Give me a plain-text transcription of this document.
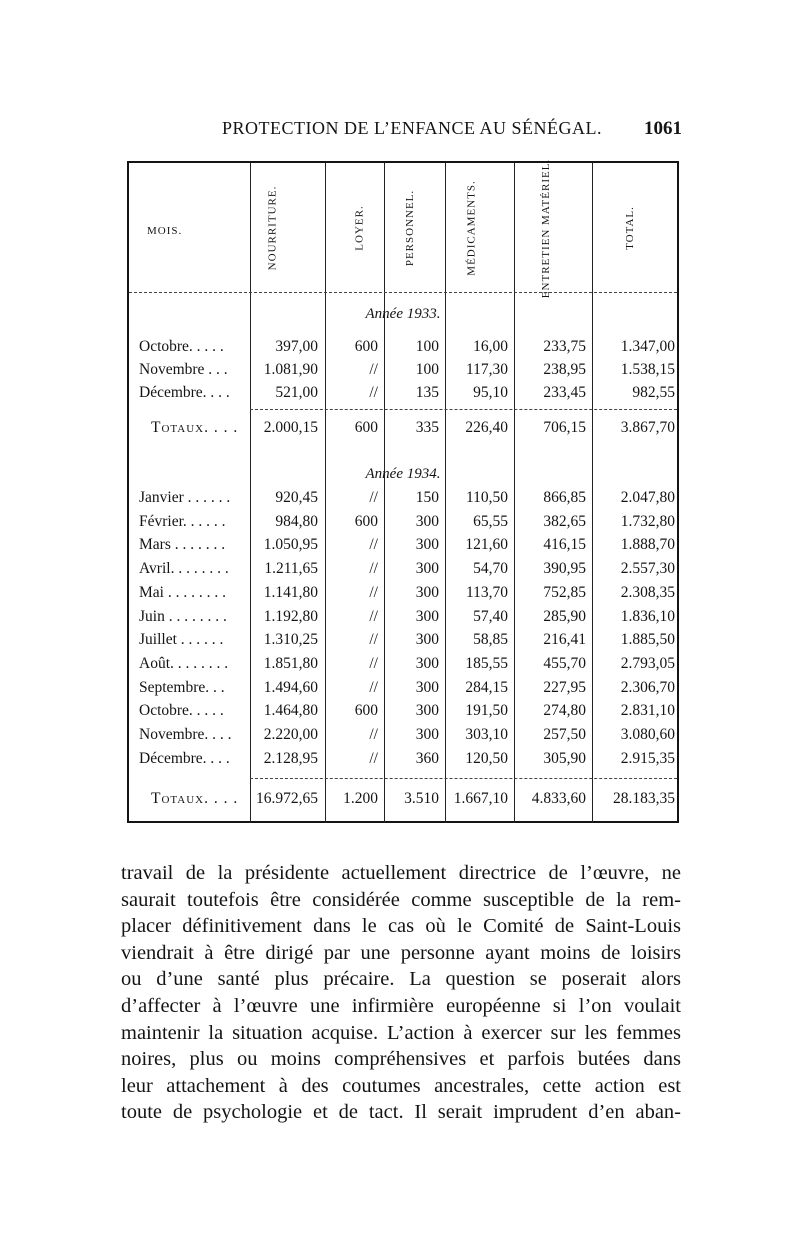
PROTECTION DE L’ENFANCE AU SÉNÉGAL. 1061
MOIS.	NOURRITURE.	LOYER.	PERSONNEL.	MÉDICAMENTS.	ENTRETIEN MATÉRIEL.	TOTAL.
Année 1933.
Octobre. . . . .	397,00 600 100 16,00 233,75 1.347,00
Novembre . . . 1.081,90	// 100 117,30 238,95 1.538,15
Décembre. . . .	521,00	// 135 95,10 233,45	982,55
Totaux. . . . 2.000,15 600 335 226,40 706,15 3.867,70
Année 1934.
Janvier . . . . . .	920,45	// 150 110,50 866,85 2.047,80
Février. . . . . .	984,80 600 300 65,55 382,65 1.732,80
Mars . . . . . . . 1.050,95	// 300 121,60 416,15 1.888,70
Avril. . . . . . . . 1.211,65	// 300 54,70 390,95 2.557,30
Mai . . . . . . . . 1.141,80	// 300 113,70 752,85 2.308,35
Juin . . . . . . . . 1.192,80	// 300 57,40 285,90 1.836,10
Juillet . . . . . .	1.310,25	// 300 58,85 216,41 1.885,50
Août. . . . . . . . 1.851,80	// 300 185,55 455,70 2.793,05
Septembre. . .	1.494,60	// 300 284,15 227,95 2.306,70
Octobre. . . . .	1.464,80 600 300 191,50 274,80 2.831,10
Novembre. . . . 2.220,00	// 300 303,10 257,50 3.080,60
Décembre. . . . 2.128,95	// 360 120,50 305,90 2.915,35
Totaux. . . . 16.972,65 1.200 3.510 1.667,10 4.833,60 28.183,35
travail de la présidente actuellement directrice de l’œuvre, ne
saurait toutefois être considérée comme susceptible de la rem-
placer définitivement dans le cas où le Comité de Saint-Louis
viendrait à être dirigé par une personne ayant moins de loisirs
ou d’une santé plus précaire. La question se poserait alors
d’affecter à l’œuvre une infirmière européenne si l’on voulait
maintenir la situation acquise. L’action à exercer sur les femmes
noires, plus ou moins compréhensives et parfois butées dans
leur attachement à des coutumes ancestrales, cette action est
toute de psychologie et de tact. Il serait imprudent d’en aban-
